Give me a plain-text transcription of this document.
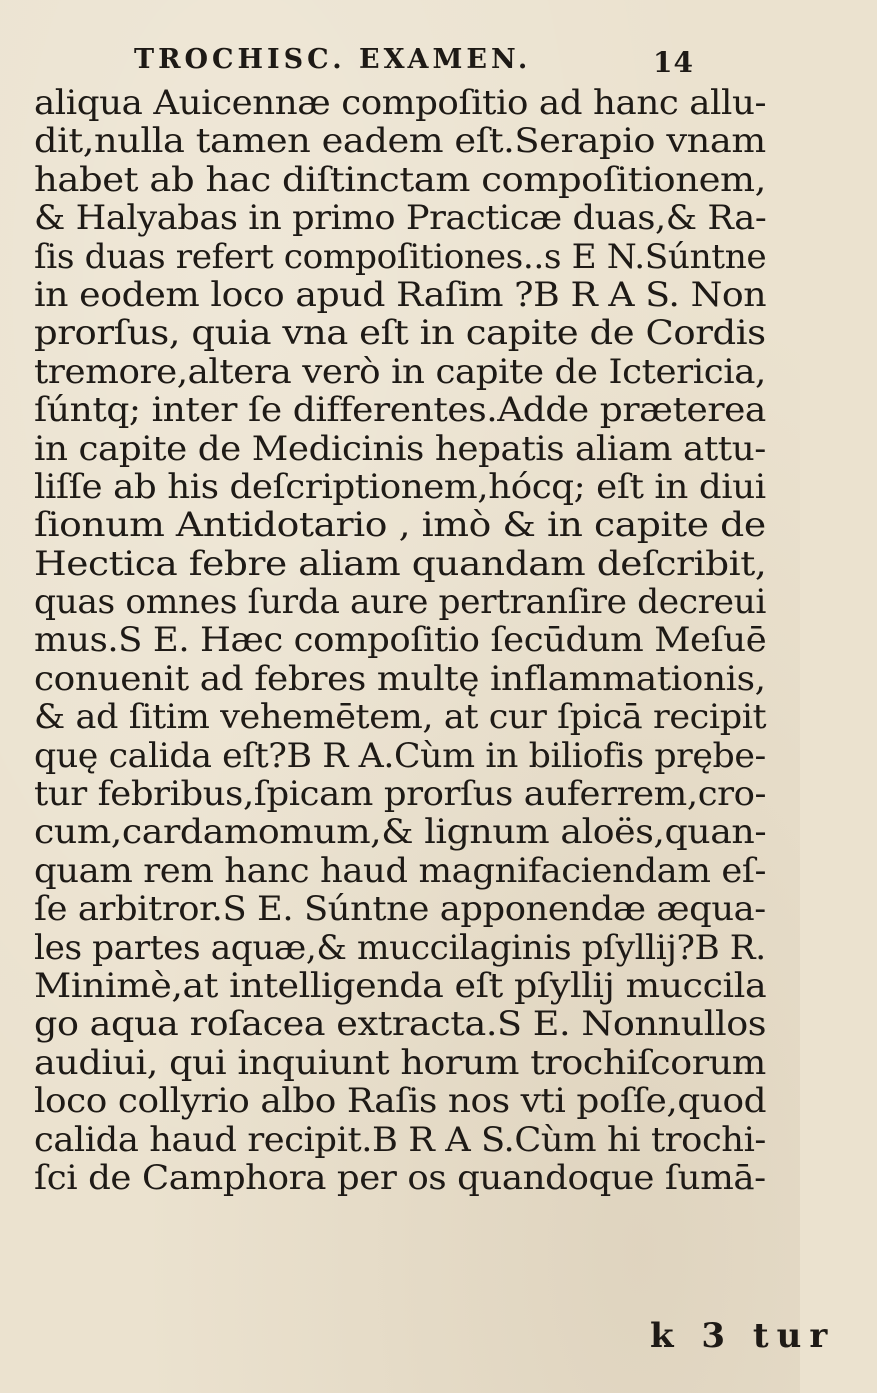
TROCHISC. EXAMEN.	14
aliqua Auicennæ compoſitio ad hanc allu-
dit,nulla tamen eadem eſt.Serapio vnam
habet ab hac diſtinctam compoſitionem,
& Halyabas in primo Practicæ duas,& Ra-
ſis duas refert compoſitiones..s E N.Súntne
in eodem loco apud Raſim ?B R A S. Non
prorſus, quia vna eſt in capite de Cordis
tremore,altera verò in capite de Ictericia,
ſúntq; inter ſe differentes.Adde præterea
in capite de Medicinis hepatis aliam attu-
liſſe ab his deſcriptionem,hócq; eſt in diui
ſionum Antidotario , imò & in capite de
Hectica febre aliam quandam deſcribit,
quas omnes ſurda aure pertranſire decreui
mus.S E. Hæc compoſitio ſecūdum Meſuē
conuenit ad febres multę inflammationis,
& ad ſitim vehemētem, at cur ſpicā recipit
quę calida eſt?B R A.Cùm in biliofis prębe-
tur febribus,ſpicam prorſus auferrem,cro-
cum,cardamomum,& lignum aloës,quan-
quam rem hanc haud magnifaciendam eſ-
ſe arbitror.S E. Súntne apponendæ æqua-
les partes aquæ,& muccilaginis pſyllij?B R.
Minimè,at intelligenda eſt pſyllij muccila
go aqua roſacea extracta.S E. Nonnullos
audiui, qui inquiunt horum trochiſcorum
loco collyrio albo Raſis nos vti poſſe,quod
calida haud recipit.B R A S.Cùm hi trochi-
ſci de Camphora per os quandoque ſumā-
k 3 tur
